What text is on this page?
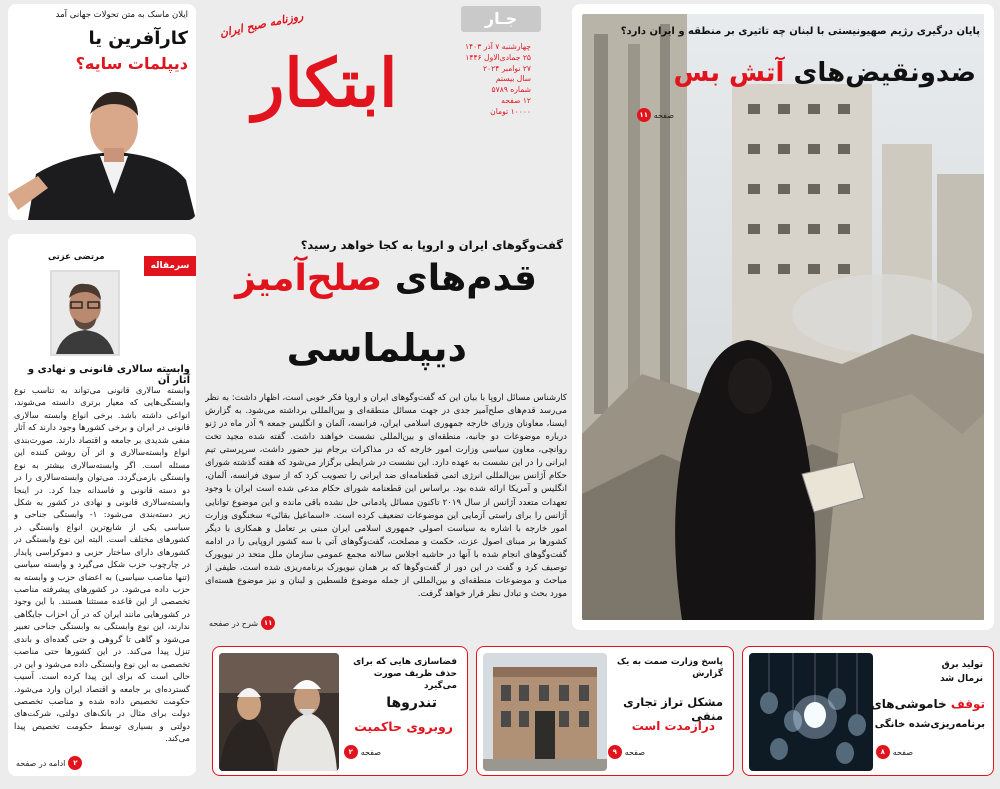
ایلان ماسک به متن تحولات جهانی آمد
کارآفرین یا
دیپلمات سایه؟ ابتکار
روزنامه صبح ایران	جـار
چهارشنبه ۷ آذر ۱۴۰۳
۲۵ جمادی‌الاول ۱۴۴۶
۲۷ نوامبر ۲۰۲۴
سال بیستم
شماره ۵۷۸۹
۱۲ صفحه
۱۰۰۰۰ تومان
گفت‌وگوهای ایران و اروپا به کجا خواهد رسید؟
قدم‌های صلح‌آمیز
دیپلماسی
کارشناس مسائل اروپا با بیان این که گفت‌وگوهای ایران و اروپا فکر خوبی است، اظهار داشت: به نظر می‌رسد قدم‌های صلح‌آمیز جدی در جهت مسائل منطقه‌ای و بین‌المللی برداشته می‌شود. به گزارش ایسنا، معاونان وزرای خارجه جمهوری اسلامی ایران، فرانسه، آلمان و انگلیس جمعه ۹ آذر ماه در ژنو درباره موضوعات دو جانبه، منطقه‌ای و بین‌المللی نشست خواهند داشت. گفته شده مجید تخت روانچی، معاون سیاسی وزارت امور خارجه که در مذاکرات برجام نیز حضور داشت، سرپرستی تیم ایرانی را در این نشست به عهده دارد. این نشست در شرایطی برگزار می‌شود که هفته گذشته شورای حکام آژانس بین‌المللی انرژی اتمی قطعنامه‌ای ضد ایرانی را تصویب کرد که از سوی فرانسه، آلمان، انگلیس و آمریکا ارائه شده بود. براساس این قطعنامه شورای حکام مدعی شده است ایران با وجود تعهدات متعدد آژانس از سال ۲۰۱۹ تاکنون مسائل پادمانی حل نشده باقی مانده و این موضوع توانایی آژانس را برای راستی آزمایی این موضوعات تضعیف کرده است. «اسماعیل بقائی» سخنگوی وزارت امور خارجه با اشاره به سیاست اصولی جمهوری اسلامی ایران مبنی بر تعامل و همکاری با دیگر کشورها بر مبنای اصول عزت، حکمت و مصلحت، گفت‌وگوهای آتی با سه کشور اروپایی را در ادامه گفت‌وگوهای انجام شده با آنها در حاشیه اجلاس سالانه مجمع عمومی سازمان ملل متحد در نیویورک توصیف کرد و گفت در این دور از گفت‌وگوها که بر همان نیویورک برنامه‌ریزی شده است، طیفی از مباحث و موضوعات منطقه‌ای و بین‌المللی از جمله موضوع فلسطین و لبنان و نیز موضوع هسته‌ای مورد بحث و تبادل نظر قرار خواهد گرفت.
۱۱
شرح در صفحه
پایان درگیری رژیم صهیونیستی با لبنان چه تاثیری بر منطقه و ایران دارد؟
ضدونقیض‌های آتش بس
صفحه
۱۱
سرمقاله
مرتضی عزتی
وابسته سالاری قانونی و نهادی و آثار آن
وابسته سالاری قانونی می‌تواند به تناسب نوع وابستگی‌هایی که معیار برتری دانسته می‌شوند، انواعی داشته باشد. برخی انواع وابسته سالاری قانونی در ایران و برخی کشورها وجود دارند که آثار منفی شدیدی بر جامعه و اقتصاد دارند. صورت‌بندی انواع وابسته‌سالاری و اثر آن روشن کننده این مسئله است. اگر وابسته‌سالاری بیشتر به نوع وابستگی بازمی‌گردد. می‌توان وابسته‌سالاری را در دو دسته قانونی و فاسدانه جدا کرد. در اینجا وابسته‌سالاری قانونی و نهادی در کشور به شکل زیر دسته‌بندی می‌شود: ۱- وابستگی جناحی و سیاسی یکی از شایع‌ترین انواع وابستگی در کشورهای مختلف است. البته این نوع وابستگی در کشورهای دارای ساختار حزبی و دموکراسی پایدار در چارچوب حزب شکل می‌گیرد و وابسته سیاسی (تنها مناصب سیاسی) به اعضای حزب و وابسته به حزب داده می‌شود. در کشورهای پیشرفته مناصب تخصصی از این قاعده مستثنا هستند. با این وجود در کشورهایی مانند ایران که در آن احزاب جایگاهی ندارند، این نوع وابستگی به وابستگی جناحی تعبیر می‌شود و گاهی تا گروهی و حتی گعده‌ای و باندی تنزل پیدا می‌کند. در این کشورها حتی مناصب تخصصی به این نوع وابستگی داده می‌شود و این در حالی است که برای این پیدا کرده است. آسیب گسترده‌ای بر جامعه و اقتصاد ایران وارد می‌شود. حکومت تخصیص داده شده و مناصب تخصصی دولت برای مثال در بانک‌های دولتی، شرکت‌های دولتی و بسیاری توسط حکومت تخصیص پیدا می‌کند.
۲
ادامه در صفحه
فضاسازی هایی که برای حذف ظریف صورت می‌گیرد
تندروها
روبروی حاکمیت
صفحه
۲
پاسخ وزارت صمت به یک گزارش
مشکل تراز تجاری منفی
درازمدت است
صفحه
۹
تولید برق
نرمال شد
توقف خاموشی‌های
برنامه‌ریزی‌شده خانگی
صفحه
۸
